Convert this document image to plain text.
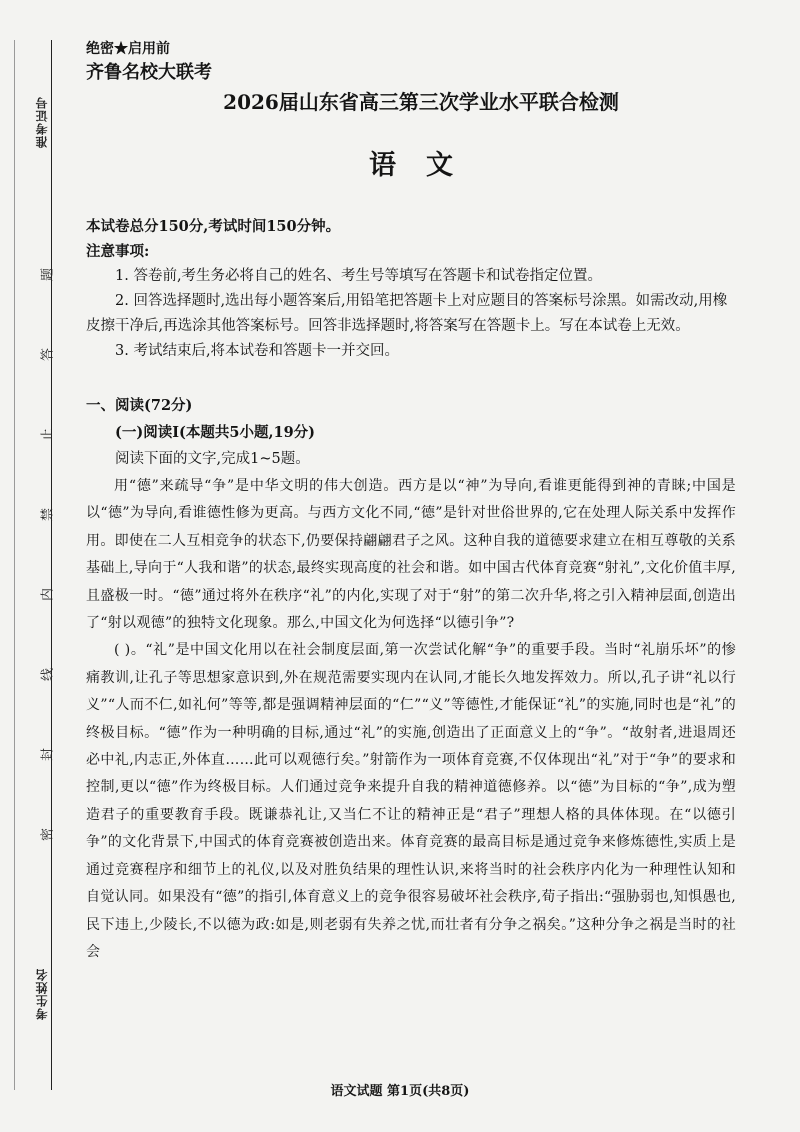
准考证号
考生姓名
题
答
止
禁
内
线
封
密
绝密★启用前
齐鲁名校大联考
2026届山东省高三第三次学业水平联合检测
语文
本试卷总分150分,考试时间150分钟。
注意事项:

1. 答卷前,考生务必将自己的姓名、考生号等填写在答题卡和试卷指定位置。

2. 回答选择题时,选出每小题答案后,用铅笔把答题卡上对应题目的答案标号涂黑。如需改动,用橡皮擦干净后,再选涂其他答案标号。回答非选择题时,将答案写在答题卡上。写在本试卷上无效。

3. 考试结束后,将本试卷和答题卡一并交回。

一、阅读(72分)
(一)阅读Ⅰ(本题共5小题,19分)
阅读下面的文字,完成1~5题。

用“德”来疏导“争”是中华文明的伟大创造。西方是以“神”为导向,看谁更能得到神的青睐;中国是以“德”为导向,看谁德性修为更高。与西方文化不同,“德”是针对世俗世界的,它在处理人际关系中发挥作用。即使在二人互相竞争的状态下,仍要保持翩翩君子之风。这种自我的道德要求建立在相互尊敬的关系基础上,导向于“人我和谐”的状态,最终实现高度的社会和谐。如中国古代体育竞赛“射礼”,文化价值丰厚,且盛极一时。“德”通过将外在秩序“礼”的内化,实现了对于“射”的第二次升华,将之引入精神层面,创造出了“射以观德”的独特文化现象。那么,中国文化为何选择“以德引争”?

( )。“礼”是中国文化用以在社会制度层面,第一次尝试化解“争”的重要手段。当时“礼崩乐坏”的惨痛教训,让孔子等思想家意识到,外在规范需要实现内在认同,才能长久地发挥效力。所以,孔子讲“礼以行义”“人而不仁,如礼何”等等,都是强调精神层面的“仁”“义”等德性,才能保证“礼”的实施,同时也是“礼”的终极目标。“德”作为一种明确的目标,通过“礼”的实施,创造出了正面意义上的“争”。“故射者,进退周还必中礼,内志正,外体直……此可以观德行矣。”射箭作为一项体育竞赛,不仅体现出“礼”对于“争”的要求和控制,更以“德”作为终极目标。人们通过竞争来提升自我的精神道德修养。以“德”为目标的“争”,成为塑造君子的重要教育手段。既谦恭礼让,又当仁不让的精神正是“君子”理想人格的具体体现。在“以德引争”的文化背景下,中国式的体育竞赛被创造出来。体育竞赛的最高目标是通过竞争来修炼德性,实质上是通过竞赛程序和细节上的礼仪,以及对胜负结果的理性认识,来将当时的社会秩序内化为一种理性认知和自觉认同。如果没有“德”的指引,体育意义上的竞争很容易破坏社会秩序,荀子指出:“强胁弱也,知惧愚也,民下违上,少陵长,不以德为政:如是,则老弱有失养之忧,而壮者有分争之祸矣。”这种分争之祸是当时的社会

语文试题 第1页(共8页)
